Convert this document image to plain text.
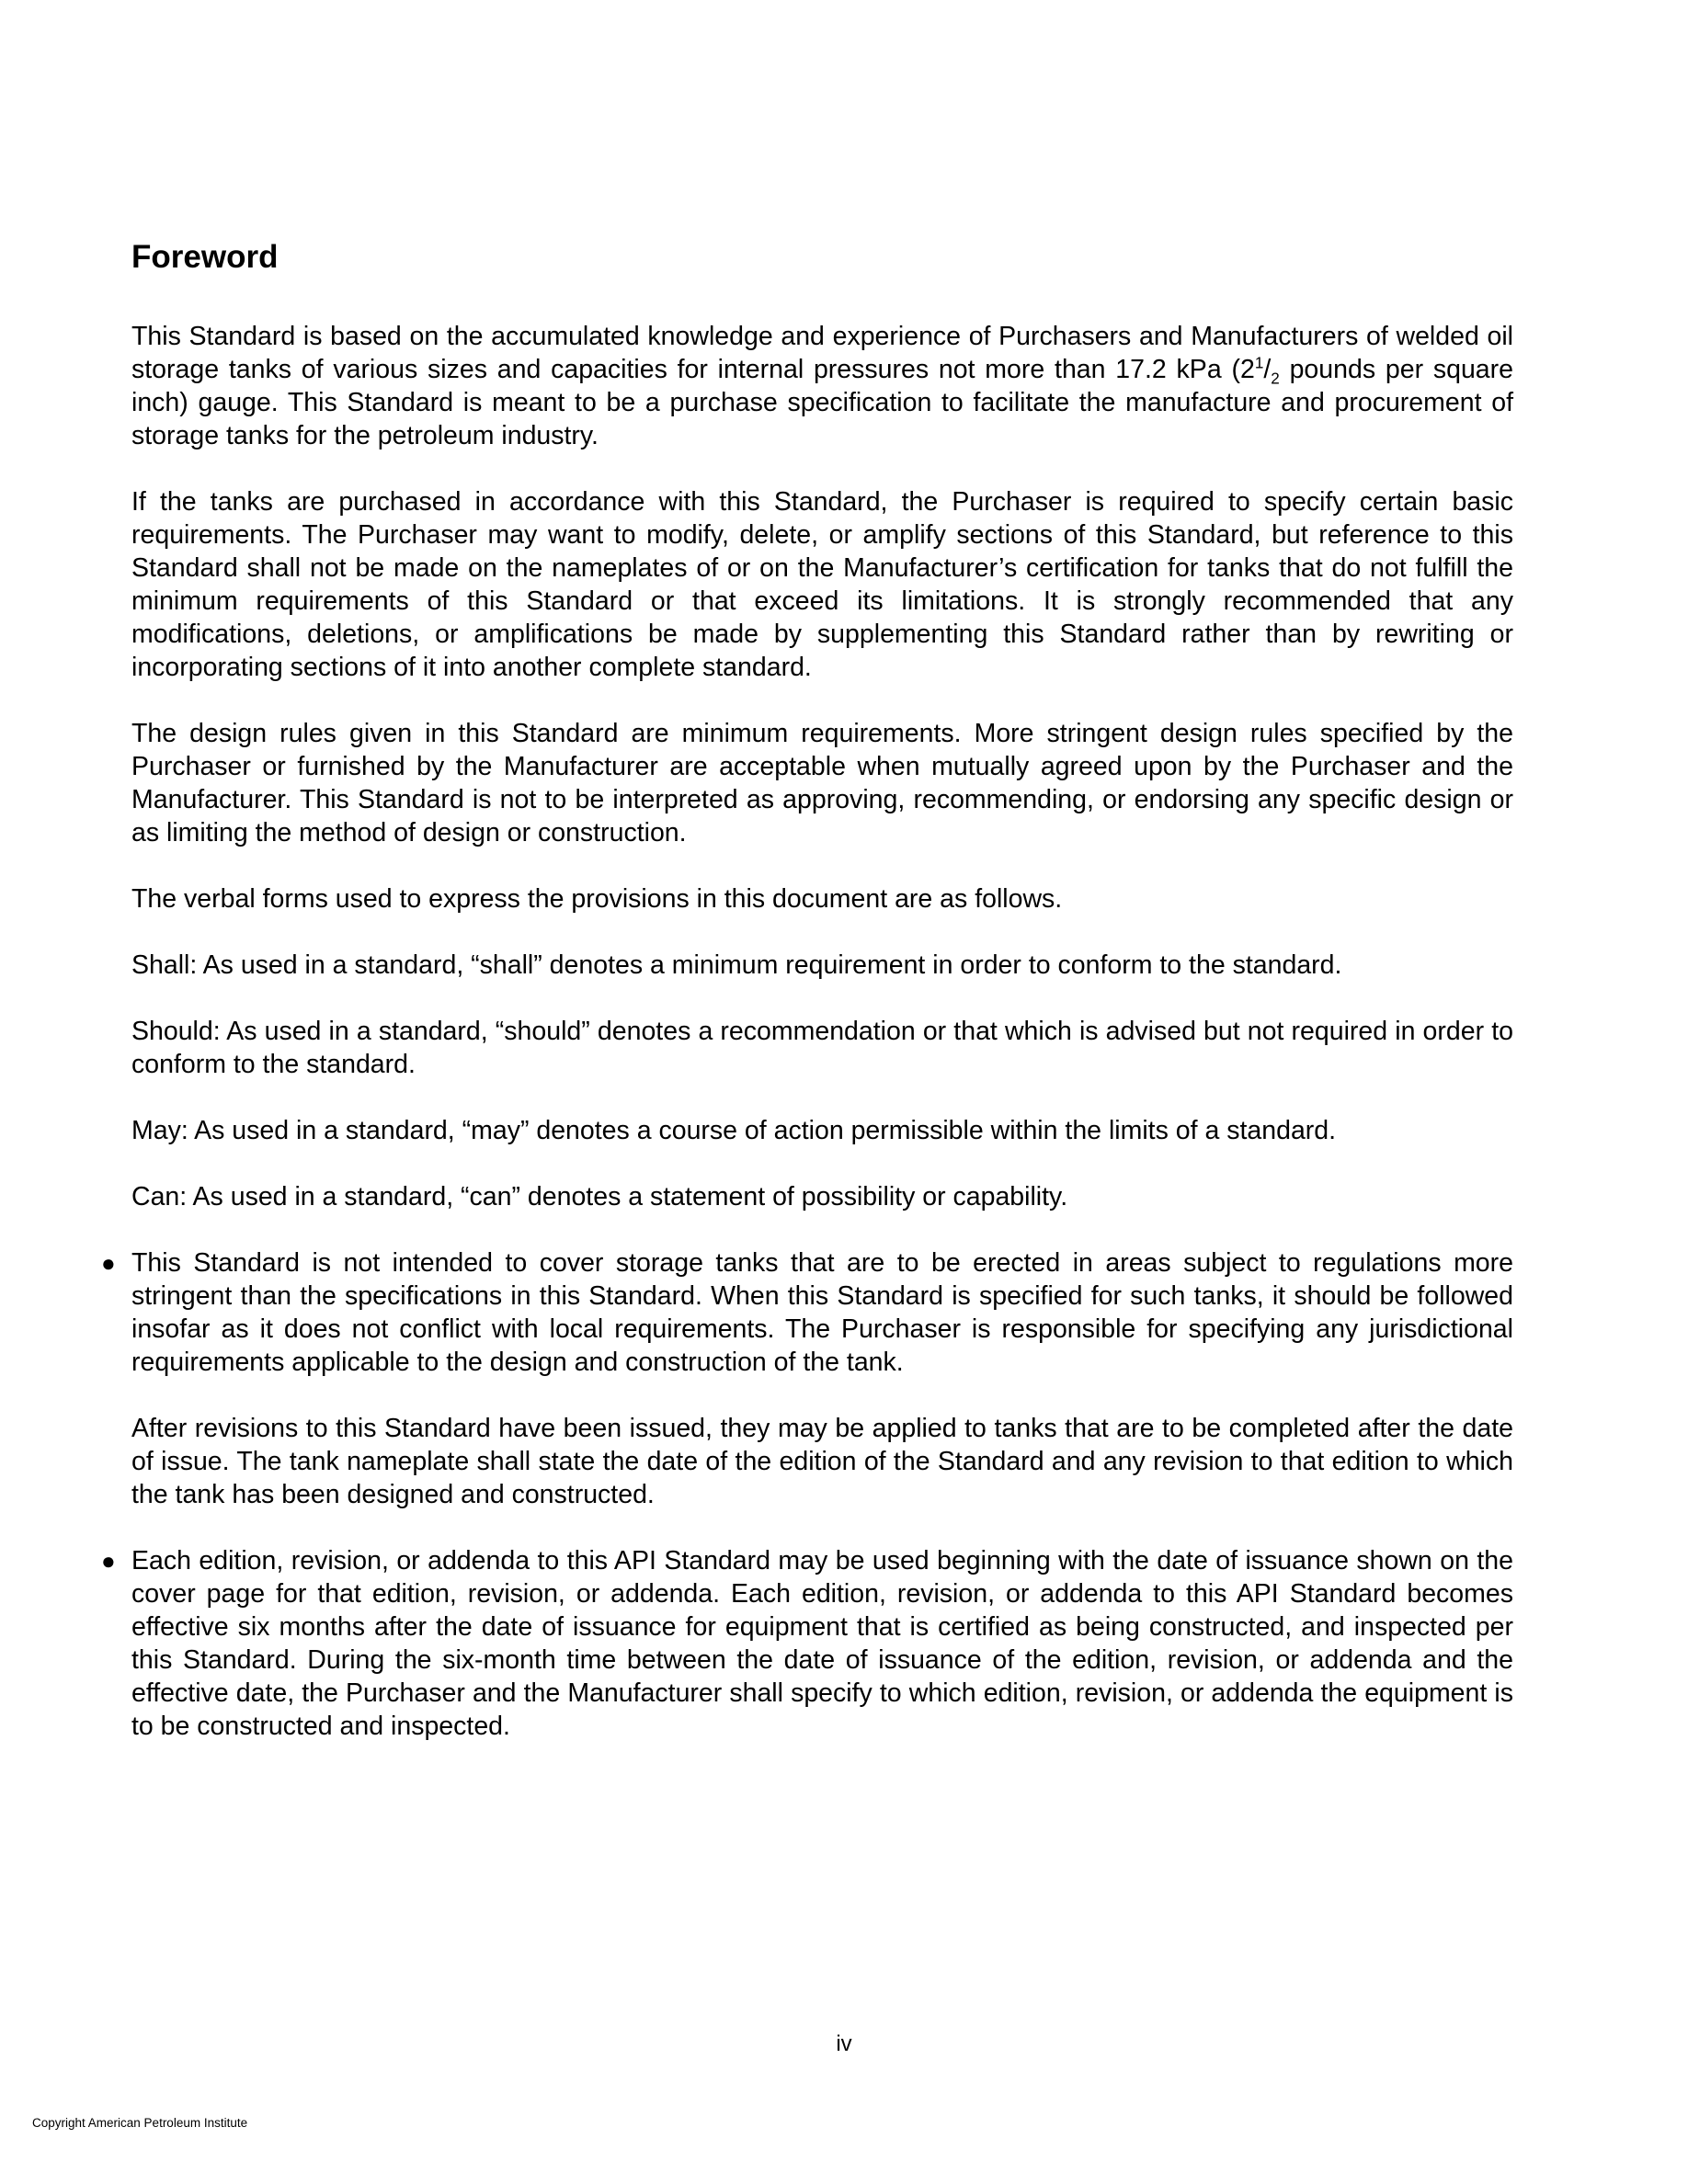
Foreword

This Standard is based on the accumulated knowledge and experience of Purchasers and Manufacturers of welded oil storage tanks of various sizes and capacities for internal pressures not more than 17.2 kPa ($2^1/_2$ pounds per square inch) gauge. This Standard is meant to be a purchase specification to facilitate the manufacture and procurement of storage tanks for the petroleum industry.

If the tanks are purchased in accordance with this Standard, the Purchaser is required to specify certain basic requirements. The Purchaser may want to modify, delete, or amplify sections of this Standard, but reference to this Standard shall not be made on the nameplates of or on the Manufacturer’s certification for tanks that do not fulfill the minimum requirements of this Standard or that exceed its limitations. It is strongly recommended that any modifications, deletions, or amplifications be made by supplementing this Standard rather than by rewriting or incorporating sections of it into another complete standard.

The design rules given in this Standard are minimum requirements. More stringent design rules specified by the Purchaser or furnished by the Manufacturer are acceptable when mutually agreed upon by the Purchaser and the Manufacturer. This Standard is not to be interpreted as approving, recommending, or endorsing any specific design or as limiting the method of design or construction.

The verbal forms used to express the provisions in this document are as follows.

Shall: As used in a standard, “shall” denotes a minimum requirement in order to conform to the standard.

Should: As used in a standard, “should” denotes a recommendation or that which is advised but not required in order to conform to the standard.

May: As used in a standard, “may” denotes a course of action permissible within the limits of a standard.

Can: As used in a standard, “can” denotes a statement of possibility or capability.

● This Standard is not intended to cover storage tanks that are to be erected in areas subject to regulations more stringent than the specifications in this Standard. When this Standard is specified for such tanks, it should be followed insofar as it does not conflict with local requirements. The Purchaser is responsible for specifying any jurisdictional requirements applicable to the design and construction of the tank.

After revisions to this Standard have been issued, they may be applied to tanks that are to be completed after the date of issue. The tank nameplate shall state the date of the edition of the Standard and any revision to that edition to which the tank has been designed and constructed.

● Each edition, revision, or addenda to this API Standard may be used beginning with the date of issuance shown on the cover page for that edition, revision, or addenda. Each edition, revision, or addenda to this API Standard becomes effective six months after the date of issuance for equipment that is certified as being constructed, and inspected per this Standard. During the six-month time between the date of issuance of the edition, revision, or addenda and the effective date, the Purchaser and the Manufacturer shall specify to which edition, revision, or addenda the equipment is to be constructed and inspected.

iv
Copyright American Petroleum Institute
